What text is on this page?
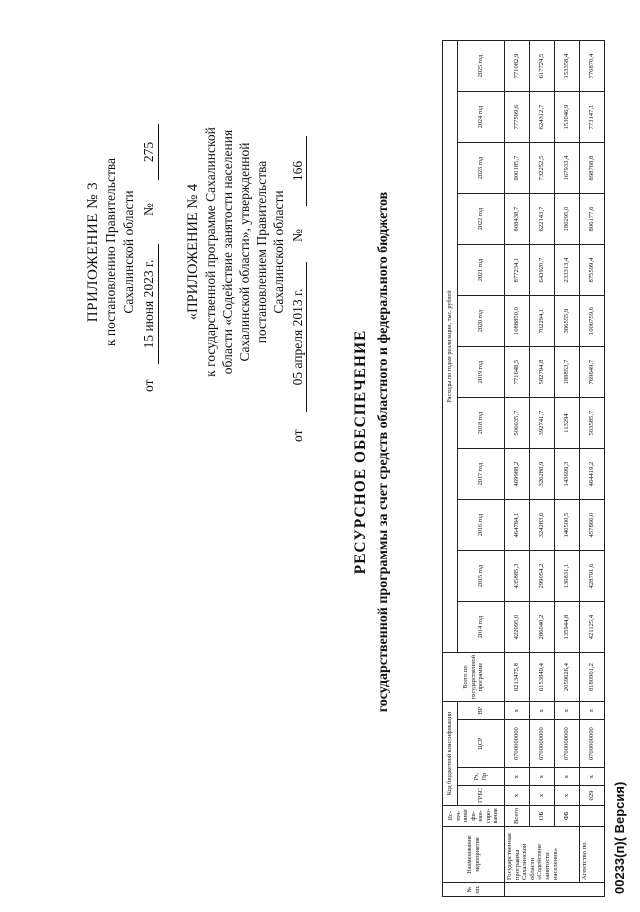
ПРИЛОЖЕНИЕ № 3 к постановлению Правительства Сахалинской области
от
15 июня 2023 г.
№
275
«ПРИЛОЖЕНИЕ № 4 к государственной программе Сахалинской области «Содействие занятости населения Сахалинской области», утвержденной постановлением Правительства Сахалинской области
от
05 апреля 2013 г.
№
166
РЕСУРСНОЕ ОБЕСПЕЧЕНИЕ государственной программы за счет средств областного и федерального бюджетов
№ пп.	Наименование мероприятия	Ис-точ-ники фи-нан-сиро-вания	Код бюджетной классификации				Всего по государственной программе	Расходы по годам реализации, тыс. рублей											
			ГРБС	Рз, Пр	ЦСР	ВР		2014 год	2015 год	2016 год	2017 год	2018 год	2019 год	2020 год	2021 год	2022 год	2023 год	2024 год	2025 год
	Государственная программа Сахалинской области «Содействие занятости населения»	Всего	х	х	0700000000	х	8213475,8	422095,0	435885,3	464784,1	469988,2	506035,7	771648,5	1088850,0	877234,1	808438,7	900185,7	777599,6	771082,9
		ОБ	х	х	0700000000	х	6153849,4	286040,2	299054,2	324283,6	326286,9	392741,7	582794,8	702294,1	643920,7	622143,7	732252,5	624312,7	617724,5
		ФБ	х	х	0700000000	х	2059626,4	135944,8	136831,1	140500,5	143699,3	113294	188853,7	386555,9	233313,4	186295,0	167933,4	153046,9	153358,4
	Агентство по		029	х	0700000000	х	8180901,2	421125,4	428791,6	457866,0	464419,2	503585,7	769649,7	1006759,6	875599,4	806177,6	898768,8	773147,1	770870,4
00233(п)( Версия)
